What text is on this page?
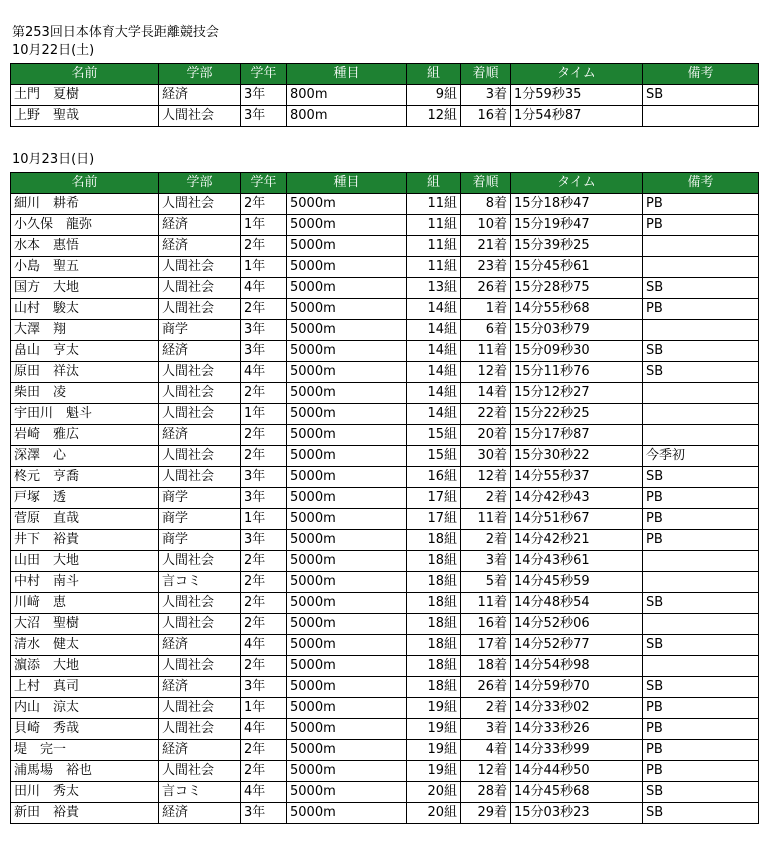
第253回日本体育大学長距離競技会
10月22日(土)
名前	学部	学年	種目	組	着順	タイム	備考
土門　夏樹	経済	3年	800m	9組	3着	1分59秒35	SB
上野　聖哉	人間社会	3年	800m	12組	16着	1分54秒87	
10月23日(日)
名前	学部	学年	種目	組	着順	タイム	備考
細川　耕希	人間社会	2年	5000m	11組	8着	15分18秒47	PB
小久保　龍弥	経済	1年	5000m	11組	10着	15分19秒47	PB
水本　惠悟	経済	2年	5000m	11組	21着	15分39秒25	
小島　聖五	人間社会	1年	5000m	11組	23着	15分45秒61	
国方　大地	人間社会	4年	5000m	13組	26着	15分28秒75	SB
山村　駿太	人間社会	2年	5000m	14組	1着	14分55秒68	PB
大澤　翔	商学	3年	5000m	14組	6着	15分03秒79	
畠山　亨太	経済	3年	5000m	14組	11着	15分09秒30	SB
原田　祥汰	人間社会	4年	5000m	14組	12着	15分11秒76	SB
柴田　凌	人間社会	2年	5000m	14組	14着	15分12秒27	
宇田川　魁斗	人間社会	1年	5000m	14組	22着	15分22秒25	
岩崎　雅広	経済	2年	5000m	15組	20着	15分17秒87	
深澤　心	人間社会	2年	5000m	15組	30着	15分30秒22	今季初
柊元　亨喬	人間社会	3年	5000m	16組	12着	14分55秒37	SB
戸塚　透	商学	3年	5000m	17組	2着	14分42秒43	PB
菅原　直哉	商学	1年	5000m	17組	11着	14分51秒67	PB
井下　裕貴	商学	3年	5000m	18組	2着	14分42秒21	PB
山田　大地	人間社会	2年	5000m	18組	3着	14分43秒61	
中村　南斗	言コミ	2年	5000m	18組	5着	14分45秒59	
川﨑　恵	人間社会	2年	5000m	18組	11着	14分48秒54	SB
大沼　聖樹	人間社会	2年	5000m	18組	16着	14分52秒06	
清水　健太	経済	4年	5000m	18組	17着	14分52秒77	SB
濵添　大地	人間社会	2年	5000m	18組	18着	14分54秒98	
上村　真司	経済	3年	5000m	18組	26着	14分59秒70	SB
内山　涼太	人間社会	1年	5000m	19組	2着	14分33秒02	PB
貝崎　秀哉	人間社会	4年	5000m	19組	3着	14分33秒26	PB
堤　完一	経済	2年	5000m	19組	4着	14分33秒99	PB
浦馬場　裕也	人間社会	2年	5000m	19組	12着	14分44秒50	PB
田川　秀太	言コミ	4年	5000m	20組	28着	14分45秒68	SB
新田　裕貴	経済	3年	5000m	20組	29着	15分03秒23	SB
